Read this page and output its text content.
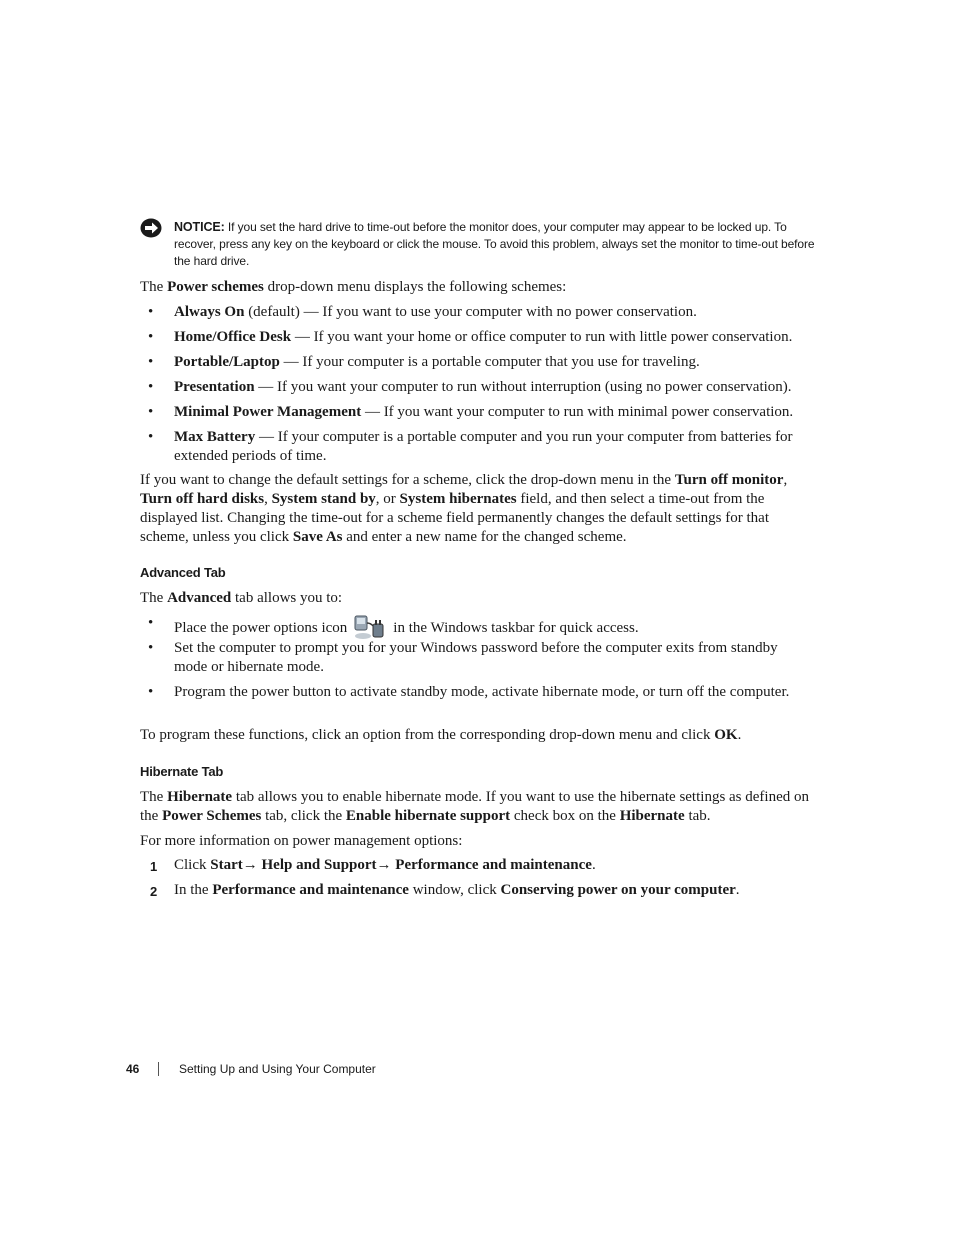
NOTICE: If you set the hard drive to time-out before the monitor does, your computer may appear to be locked up. To recover, press any key on the keyboard or click the mouse. To avoid this problem, always set the monitor to time-out before the hard drive.
The Power schemes drop-down menu displays the following schemes:
• Always On (default) — If you want to use your computer with no power conservation.
• Home/Office Desk — If you want your home or office computer to run with little power conservation.
• Portable/Laptop — If your computer is a portable computer that you use for traveling.
• Presentation — If you want your computer to run without interruption (using no power conservation).
• Minimal Power Management — If you want your computer to run with minimal power conservation.
• Max Battery — If your computer is a portable computer and you run your computer from batteries for extended periods of time.
If you want to change the default settings for a scheme, click the drop-down menu in the Turn off monitor, Turn off hard disks, System stand by, or System hibernates field, and then select a time-out from the displayed list. Changing the time-out for a scheme field permanently changes the default settings for that scheme, unless you click Save As and enter a new name for the changed scheme.
Advanced Tab
The Advanced tab allows you to:
• Place the power options icon	in the Windows taskbar for quick access.
• Set the computer to prompt you for your Windows password before the computer exits from standby mode or hibernate mode.
• Program the power button to activate standby mode, activate hibernate mode, or turn off the computer.
To program these functions, click an option from the corresponding drop-down menu and click OK.
Hibernate Tab
The Hibernate tab allows you to enable hibernate mode. If you want to use the hibernate settings as defined on the Power Schemes tab, click the Enable hibernate support check box on the Hibernate tab.
For more information on power management options:
1 Click Start→ Help and Support→ Performance and maintenance.
2 In the Performance and maintenance window, click Conserving power on your computer.
46	Setting Up and Using Your Computer
